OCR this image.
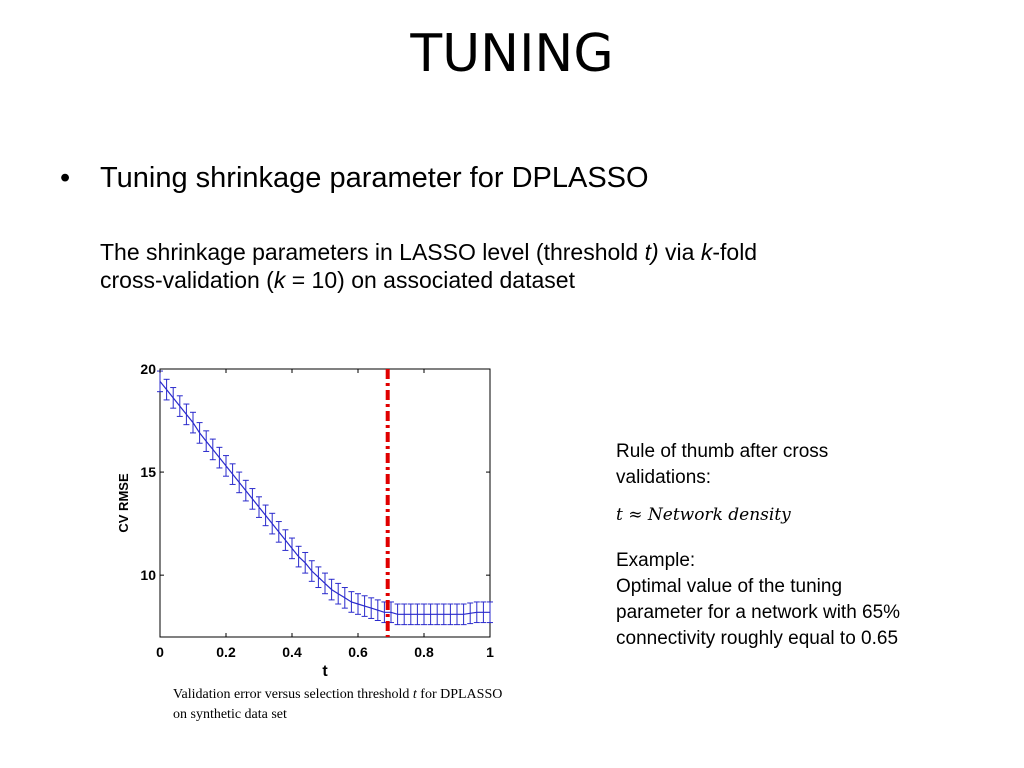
TUNING
• Tuning shrinkage parameter for DPLASSO
The shrinkage parameters in LASSO level (threshold t) via k-fold
cross-validation (k = 10) on associated dataset
0	0.2	0.4	0.6	0.8	1
10
15
20
t
CV RMSE
Validation error versus selection threshold t for DPLASSO on synthetic data set
Rule of thumb after cross
validations:
t ≈ Network density
Example:
Optimal value of the tuning
parameter for a network with 65%
connectivity roughly equal to 0.65
